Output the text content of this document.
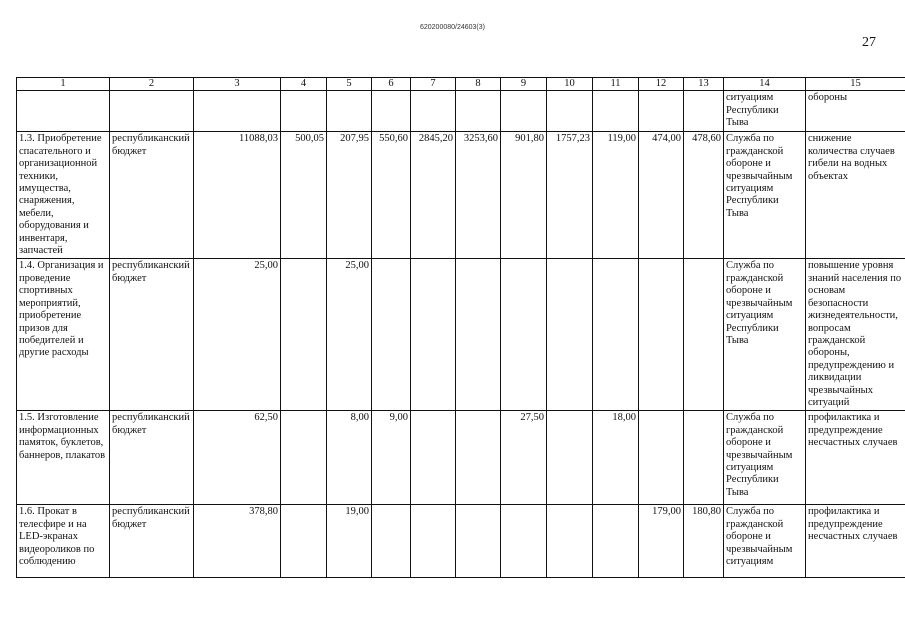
620200080/24603(3)
27
1	2	3	4	5	6	7	8	9	10	11	12	13	14	15
													ситуациям Республики Тыва	обороны
1.3. Приобретение спасательного и организационной техники, имущества, снаряжения, мебели, оборудования и инвентаря, запчастей	республиканский бюджет	11088,03	500,05	207,95	550,60	2845,20	3253,60	901,80	1757,23	119,00	474,00	478,60	Служба по гражданской обороне и чрезвычайным ситуациям Республики Тыва	снижение количества случаев гибели на водных объектах
1.4. Организация и проведение спортивных мероприятий, приобретение призов для победителей и другие расходы	республиканский бюджет	25,00		25,00									Служба по гражданской обороне и чрезвычайным ситуациям Республики Тыва	повышение уровня знаний населения по основам безопасности жизнедеятельности, вопросам гражданской обороны, предупреждению и ликвидации чрезвычайных ситуаций
1.5. Изготовление информационных памяток, буклетов, баннеров, плакатов	республиканский бюджет	62,50		8,00	9,00			27,50		18,00			Служба по гражданской обороне и чрезвычайным ситуациям Республики Тыва	профилактика и предупреждение несчастных случаев
1.6. Прокат в телесфире и на LED-экранах видеороликов по соблюдению	республиканский бюджет	378,80		19,00							179,00	180,80	Служба по гражданской обороне и чрезвычайным ситуациям	профилактика и предупреждение несчастных случаев
